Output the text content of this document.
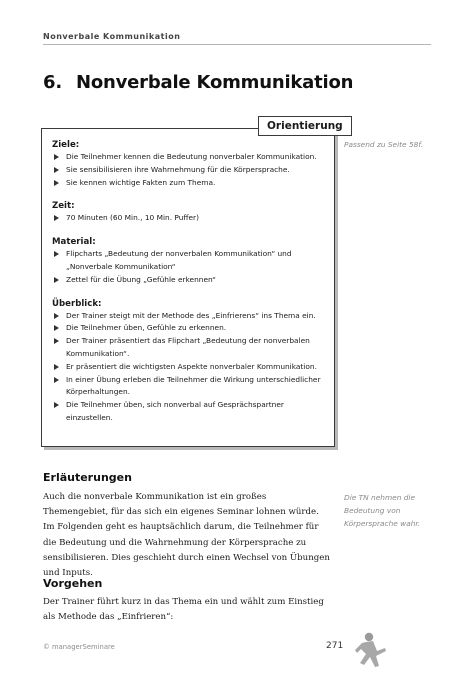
Nonverbale Kommunikation
6. Nonverbale Kommunikation
Orientierung
Ziele:
Die Teilnehmer kennen die Bedeutung nonverbaler Kommunikation.
Sie sensibilisieren ihre Wahrnehmung für die Körpersprache.
Sie kennen wichtige Fakten zum Thema.
Zeit:
70 Minuten (60 Min., 10 Min. Puffer)
Material:
Flipcharts „Bedeutung der nonverbalen Kommunikation“ und „Nonverbale Kommunikation“
Zettel für die Übung „Gefühle erkennen“
Überblick:
Der Trainer steigt mit der Methode des „Einfrierens“ ins Thema ein.
Die Teilnehmer üben, Gefühle zu erkennen.
Der Trainer präsentiert das Flipchart „Bedeutung der nonverbalen Kommunikation“.
Er präsentiert die wichtigsten Aspekte nonverbaler Kommunikation.
In einer Übung erleben die Teilnehmer die Wirkung unterschiedlicher Körperhaltungen.
Die Teilnehmer üben, sich nonverbal auf Gesprächspartner einzustellen.
Passend zu Seite 58f.
Erläuterungen

Auch die nonverbale Kommunikation ist ein großes Themengebiet, für das sich ein eigenes Seminar lohnen würde. Im Folgenden geht es hauptsächlich darum, die Teilnehmer für die Bedeutung und die Wahrnehmung der Körpersprache zu sensibilisieren. Dies geschieht durch einen Wechsel von Übungen und Inputs.

Die TN nehmen die Bedeutung von Körpersprache wahr.
Vorgehen

Der Trainer führt kurz in das Thema ein und wählt zum Einstieg als Methode das „Einfrieren“:

© managerSeminare	271
